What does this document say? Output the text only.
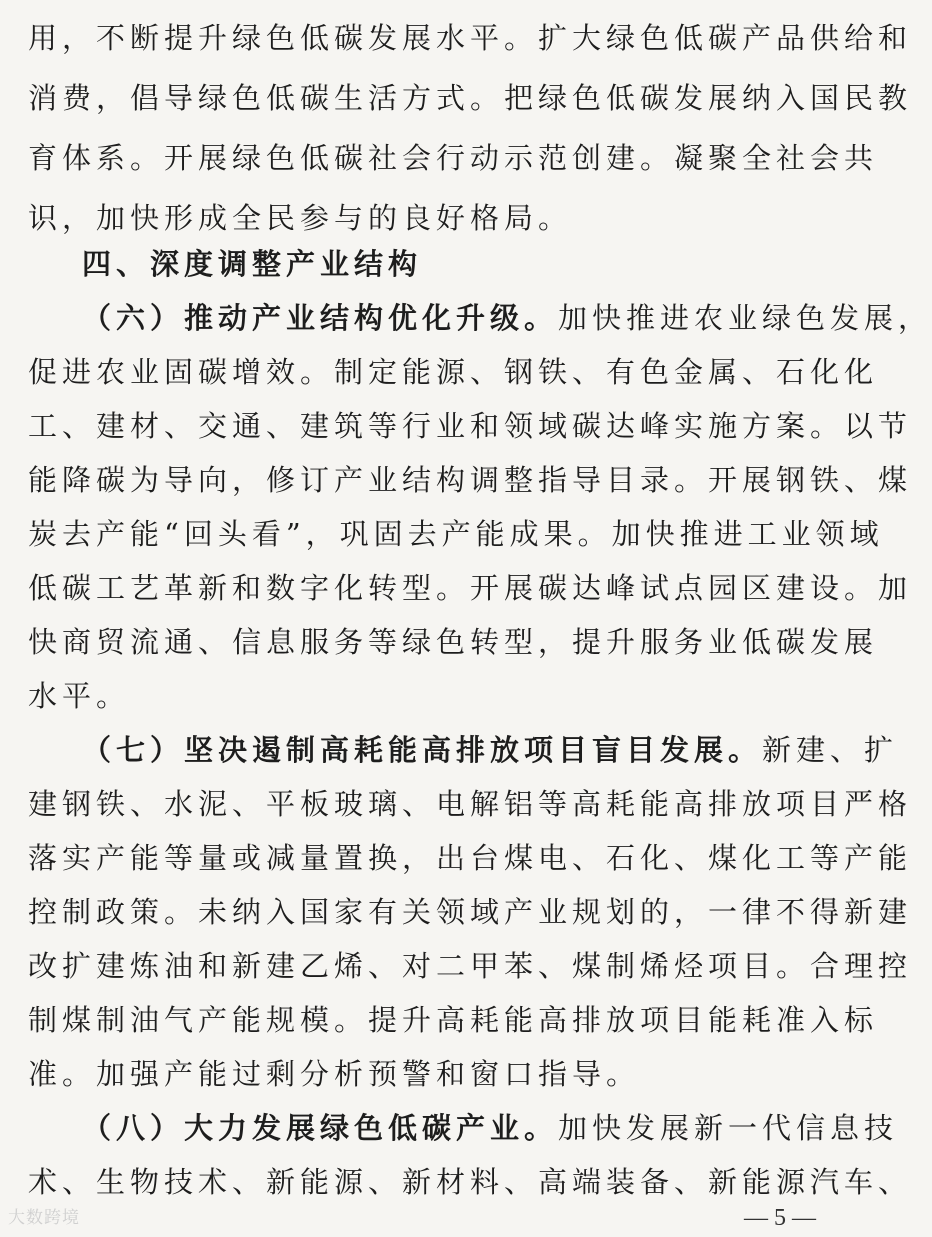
用，不断提升绿色低碳发展水平。扩大绿色低碳产品供给和
消费，倡导绿色低碳生活方式。把绿色低碳发展纳入国民教
育体系。开展绿色低碳社会行动示范创建。凝聚全社会共
识，加快形成全民参与的良好格局。
四、深度调整产业结构
（六）推动产业结构优化升级。加快推进农业绿色发展，
促进农业固碳增效。制定能源、钢铁、有色金属、石化化
工、建材、交通、建筑等行业和领域碳达峰实施方案。以节
能降碳为导向，修订产业结构调整指导目录。开展钢铁、煤
炭去产能“回头看”，巩固去产能成果。加快推进工业领域
低碳工艺革新和数字化转型。开展碳达峰试点园区建设。加
快商贸流通、信息服务等绿色转型，提升服务业低碳发展
水平。
（七）坚决遏制高耗能高排放项目盲目发展。新建、扩
建钢铁、水泥、平板玻璃、电解铝等高耗能高排放项目严格
落实产能等量或减量置换，出台煤电、石化、煤化工等产能
控制政策。未纳入国家有关领域产业规划的，一律不得新建
改扩建炼油和新建乙烯、对二甲苯、煤制烯烃项目。合理控
制煤制油气产能规模。提升高耗能高排放项目能耗准入标
准。加强产能过剩分析预警和窗口指导。
（八）大力发展绿色低碳产业。加快发展新一代信息技
术、生物技术、新能源、新材料、高端装备、新能源汽车、
大数跨境	— 5 —
